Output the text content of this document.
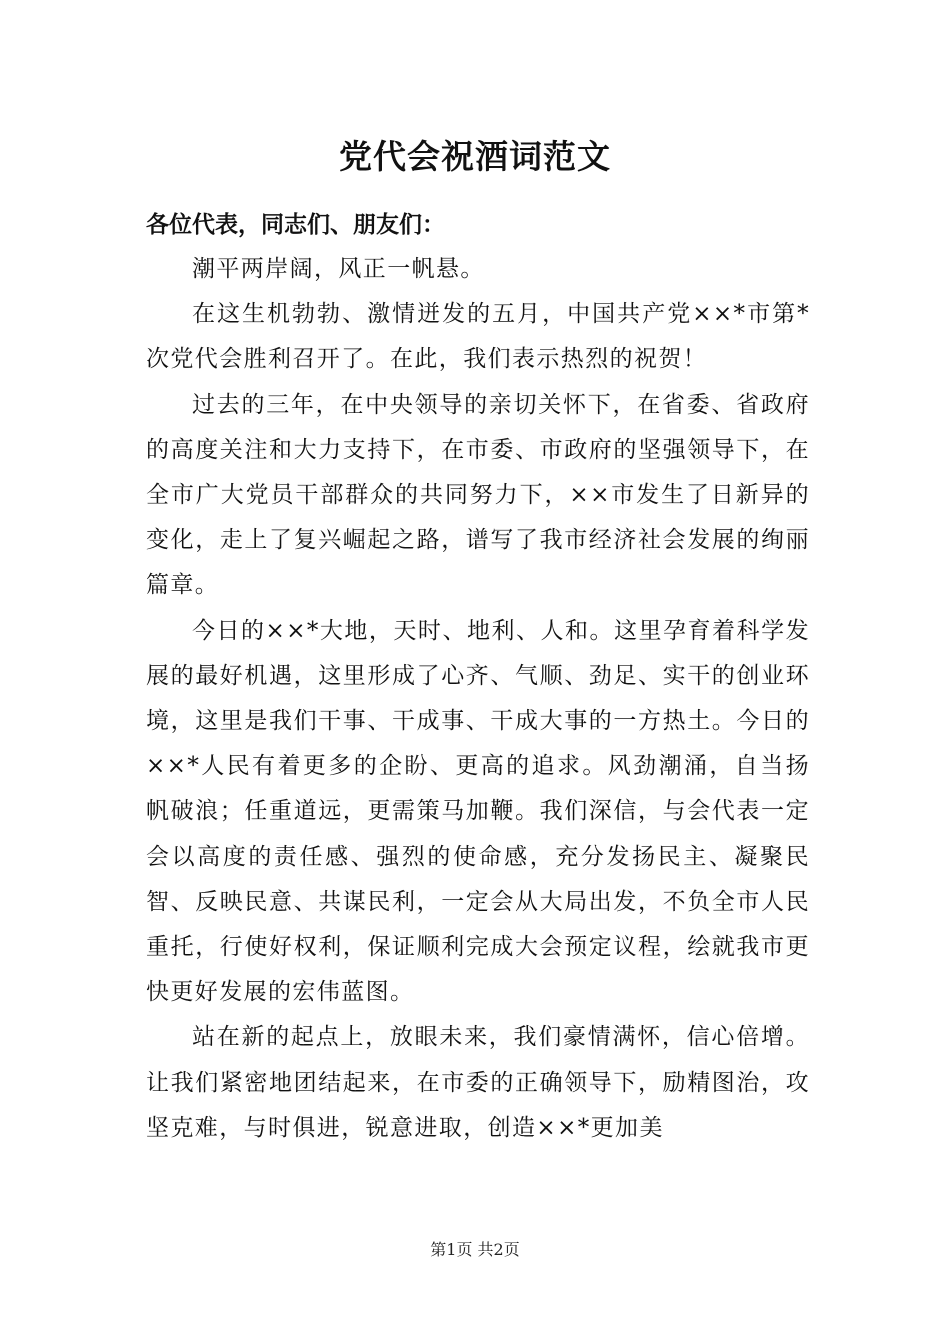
党代会祝酒词范文
各位代表，同志们、朋友们：

潮平两岸阔，风正一帆悬。

在这生机勃勃、激情迸发的五月，中国共产党××*市第*次党代会胜利召开了。在此，我们表示热烈的祝贺！

过去的三年，在中央领导的亲切关怀下，在省委、省政府的高度关注和大力支持下，在市委、市政府的坚强领导下，在全市广大党员干部群众的共同努力下，××市发生了日新异的变化，走上了复兴崛起之路，谱写了我市经济社会发展的绚丽篇章。

今日的××*大地，天时、地利、人和。这里孕育着科学发展的最好机遇，这里形成了心齐、气顺、劲足、实干的创业环境，这里是我们干事、干成事、干成大事的一方热土。今日的××*人民有着更多的企盼、更高的追求。风劲潮涌，自当扬帆破浪；任重道远，更需策马加鞭。我们深信，与会代表一定会以高度的责任感、强烈的使命感，充分发扬民主、凝聚民智、反映民意、共谋民利，一定会从大局出发，不负全市人民重托，行使好权利，保证顺利完成大会预定议程，绘就我市更快更好发展的宏伟蓝图。

站在新的起点上，放眼未来，我们豪情满怀，信心倍增。让我们紧密地团结起来，在市委的正确领导下，励精图治，攻坚克难，与时俱进，锐意进取，创造××*更加美

第1页 共2页
